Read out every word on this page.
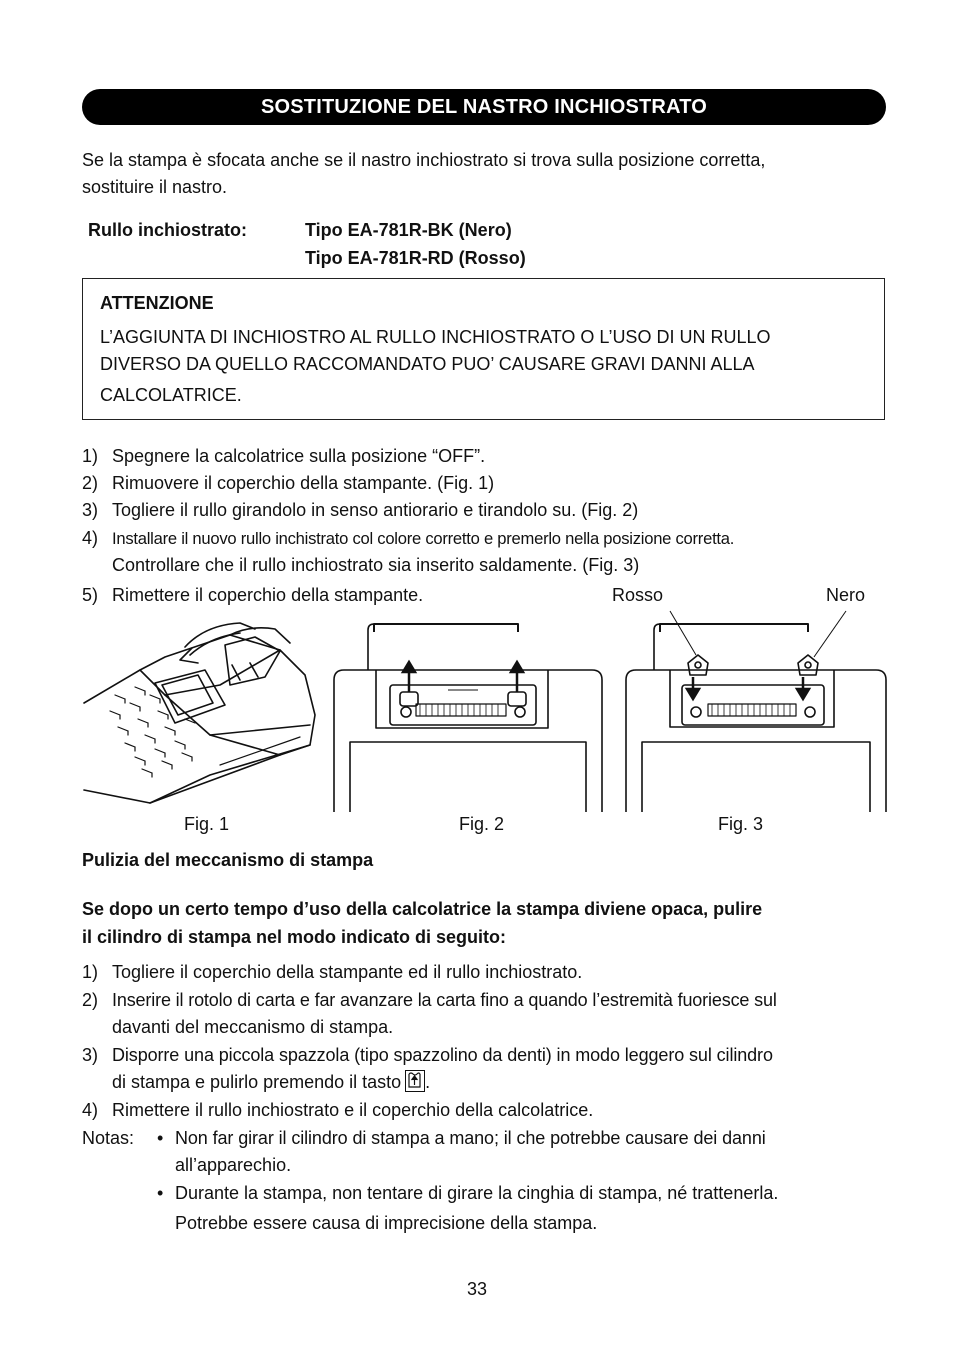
SOSTITUZIONE DEL NASTRO INCHIOSTRATO
Se la stampa è sfocata anche se il nastro inchiostrato si trova sulla posizione corretta,
sostituire il nastro.
Rullo inchiostrato:	Tipo EA-781R-BK (Nero)
Tipo EA-781R-RD (Rosso)
ATTENZIONE
L’AGGIUNTA DI INCHIOSTRO AL RULLO INCHIOSTRATO O L’USO DI UN RULLO
DIVERSO DA QUELLO RACCOMANDATO PUO’ CAUSARE GRAVI DANNI ALLA
CALCOLATRICE.
1) Spegnere la calcolatrice sulla posizione “OFF”.
2) Rimuovere il coperchio della stampante. (Fig. 1)
3) Togliere il rullo girandolo in senso antiorario e tirandolo su. (Fig. 2)
4) Installare il nuovo rullo inchistrato col colore corretto e premerlo nella posizione corretta.
Controllare che il rullo inchiostrato sia inserito saldamente. (Fig. 3)
5) Rimettere il coperchio della stampante.	Rosso	Nero
Fig. 1	Fig. 2	Fig. 3
Pulizia del meccanismo di stampa
Se dopo un certo tempo d’uso della calcolatrice la stampa diviene opaca, pulire
il cilindro di stampa nel modo indicato di seguito:
1) Togliere il coperchio della stampante ed il rullo inchiostrato.
2) Inserire il rotolo di carta e far avanzare la carta fino a quando l’estremità fuoriesce sul
davanti del meccanismo di stampa.
3) Disporre una piccola spazzola (tipo spazzolino da denti) in modo leggero sul cilindro
di stampa e pulirlo premendo il tasto .
4) Rimettere il rullo inchiostrato e il coperchio della calcolatrice.
Notas: • Non far girar il cilindro di stampa a mano; il che potrebbe causare dei danni
all’apparechio.
• Durante la stampa, non tentare di girare la cinghia di stampa, né trattenerla.
Potrebbe essere causa di imprecisione della stampa.
33
